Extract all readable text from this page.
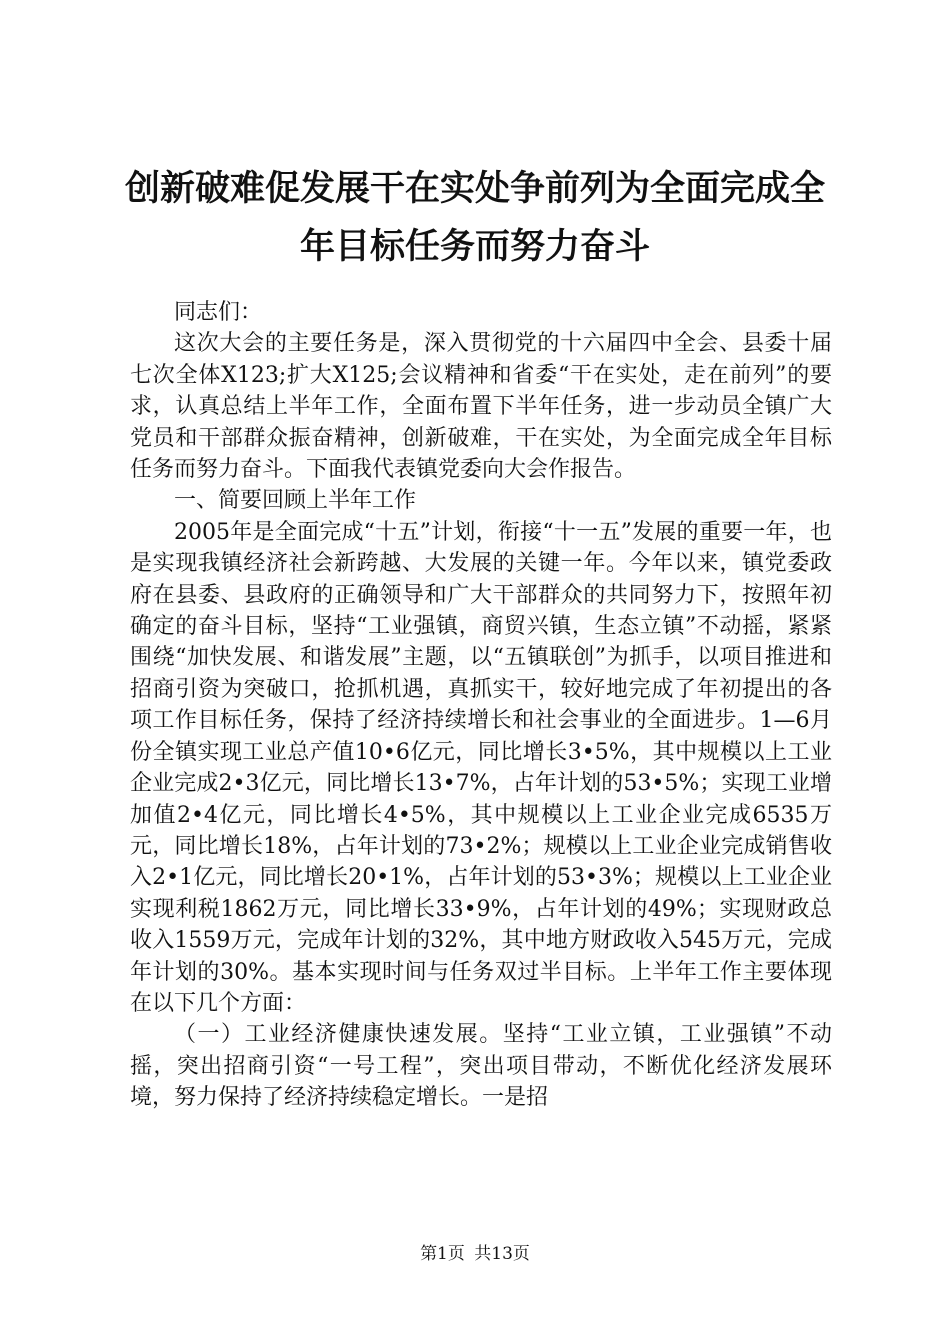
创新破难促发展干在实处争前列为全面完成全
年目标任务而努力奋斗

同志们：

这次大会的主要任务是，深入贯彻党的十六届四中全会、县委十届七次全体X123;扩大X125;会议精神和省委“干在实处，走在前列”的要求，认真总结上半年工作，全面布置下半年任务，进一步动员全镇广大党员和干部群众振奋精神，创新破难，干在实处，为全面完成全年目标任务而努力奋斗。下面我代表镇党委向大会作报告。

一、简要回顾上半年工作

2005年是全面完成“十五”计划，衔接“十一五”发展的重要一年，也是实现我镇经济社会新跨越、大发展的关键一年。今年以来，镇党委政府在县委、县政府的正确领导和广大干部群众的共同努力下，按照年初确定的奋斗目标，坚持“工业强镇，商贸兴镇，生态立镇”不动摇，紧紧围绕“加快发展、和谐发展”主题，以“五镇联创”为抓手，以项目推进和招商引资为突破口，抢抓机遇，真抓实干，较好地完成了年初提出的各项工作目标任务，保持了经济持续增长和社会事业的全面进步。1—6月份全镇实现工业总产值10•6亿元，同比增长3•5%，其中规模以上工业企业完成2•3亿元，同比增长13•7%，占年计划的53•5%；实现工业增加值2•4亿元，同比增长4•5%，其中规模以上工业企业完成6535万元，同比增长18%，占年计划的73•2%；规模以上工业企业完成销售收入2•1亿元，同比增长20•1%，占年计划的53•3%；规模以上工业企业实现利税1862万元，同比增长33•9%，占年计划的49%；实现财政总收入1559万元，完成年计划的32%，其中地方财政收入545万元，完成年计划的30%。基本实现时间与任务双过半目标。上半年工作主要体现在以下几个方面：

（一）工业经济健康快速发展。坚持“工业立镇，工业强镇”不动摇，突出招商引资“一号工程”，突出项目带动，不断优化经济发展环境，努力保持了经济持续稳定增长。一是招

第1页 共13页
